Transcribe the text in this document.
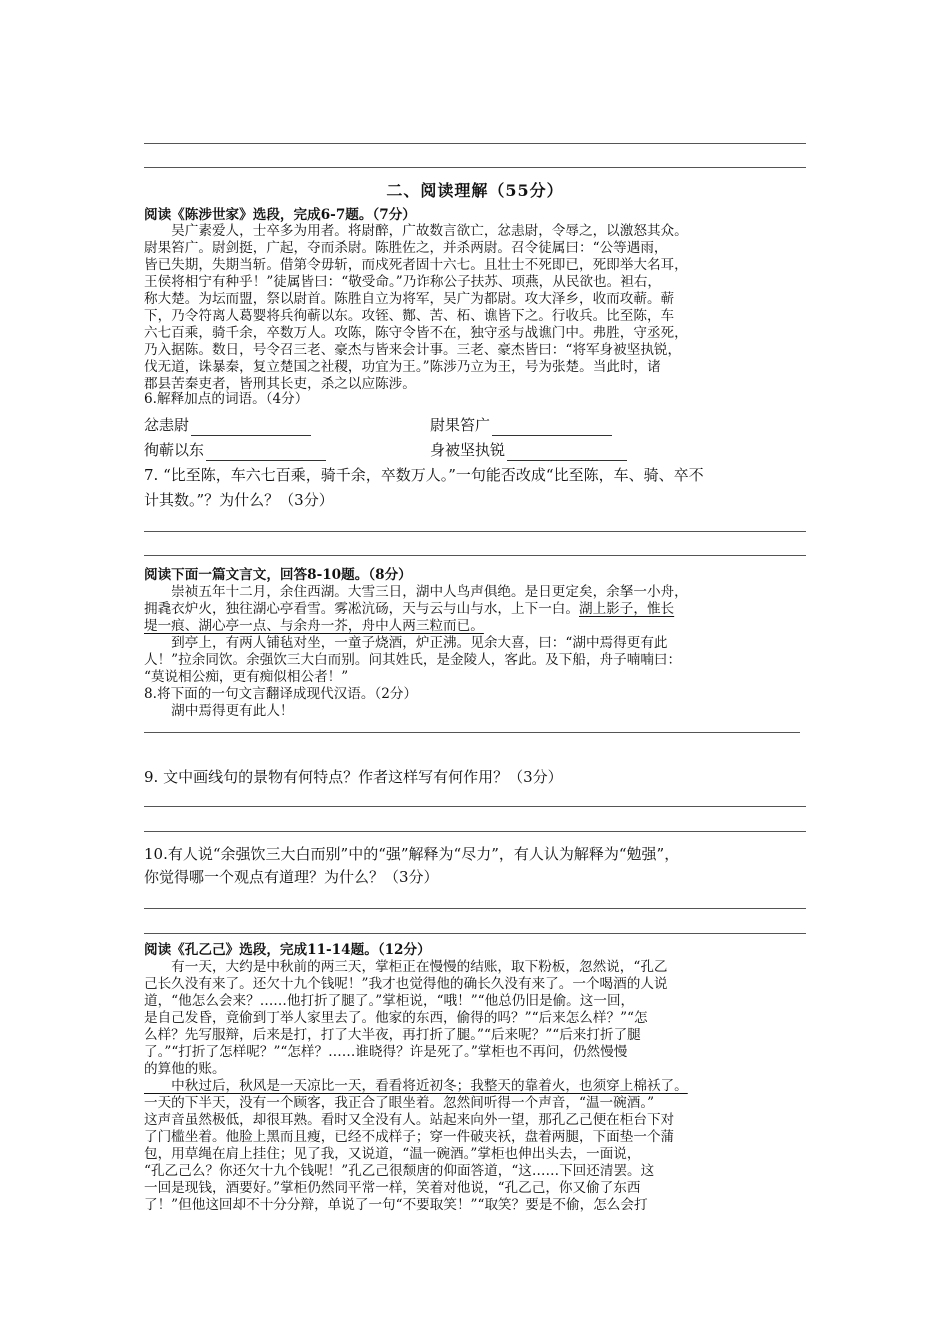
二、阅读理解（55分）
阅读《陈涉世家》选段，完成6-7题。（7分）
　　吴广素爱人，士卒多为用者。将尉醉，广故数言欲亡，忿恚尉，令辱之，以激怒其众。
尉果笞广。尉剑挺，广起，夺而杀尉。陈胜佐之，并杀两尉。召令徒属曰：“公等遇雨，
皆已失期，失期当斩。借第令毋斩，而戍死者固十六七。且壮士不死即已，死即举大名耳，
王侯将相宁有种乎！”徒属皆曰：“敬受命。”乃诈称公子扶苏、项燕，从民欲也。袒右，
称大楚。为坛而盟，祭以尉首。陈胜自立为将军，吴广为都尉。攻大泽乡，收而攻蕲。蕲
下，乃令符离人葛婴将兵徇蕲以东。攻铚、酂、苦、柘、谯皆下之。行收兵。比至陈，车
六七百乘，骑千余，卒数万人。攻陈，陈守令皆不在，独守丞与战谯门中。弗胜，守丞死，
乃入据陈。数日，号令召三老、豪杰与皆来会计事。三老、豪杰皆曰：“将军身被坚执锐，
伐无道，诛暴秦，复立楚国之社稷，功宜为王。”陈涉乃立为王，号为张楚。当此时，诸
郡县苦秦吏者，皆刑其长吏，杀之以应陈涉。
6.解释加点的词语。（4分）
忿恚尉	尉果笞广
徇蕲以东	身被坚执锐
7. “比至陈，车六七百乘，骑千余，卒数万人。”一句能否改成“比至陈，车、骑、卒不
计其数。”？为什么？（3分）
阅读下面一篇文言文，回答8-10题。（8分）
　　崇祯五年十二月，余住西湖。大雪三日，湖中人鸟声俱绝。是日更定矣，余拏一小舟，
拥毳衣炉火，独往湖心亭看雪。雾凇沆砀，天与云与山与水，上下一白。湖上影子，惟长
堤一痕、湖心亭一点、与余舟一芥，舟中人两三粒而已。
　　到亭上，有两人铺毡对坐，一童子烧酒，炉正沸。见余大喜，曰：“湖中焉得更有此
人！”拉余同饮。余强饮三大白而别。问其姓氏，是金陵人，客此。及下船，舟子喃喃曰：
“莫说相公痴，更有痴似相公者！”
8.将下面的一句文言翻译成现代汉语。（2分）
　　湖中焉得更有此人！
9. 文中画线句的景物有何特点？作者这样写有何作用？（3分）
10.有人说“余强饮三大白而别”中的“强”解释为“尽力”，有人认为解释为“勉强”，
你觉得哪一个观点有道理？为什么？（3分）
阅读《孔乙己》选段，完成11-14题。（12分）
　　有一天，大约是中秋前的两三天，掌柜正在慢慢的结账，取下粉板，忽然说，“孔乙
己长久没有来了。还欠十九个钱呢！”我才也觉得他的确长久没有来了。一个喝酒的人说
道，“他怎么会来？……他打折了腿了。”掌柜说，“哦！”“他总仍旧是偷。这一回，
是自己发昏，竟偷到丁举人家里去了。他家的东西，偷得的吗？”“后来怎么样？”“怎
么样？先写服辩，后来是打，打了大半夜，再打折了腿。”“后来呢？”“后来打折了腿
了。”“打折了怎样呢？”“怎样？……谁晓得？许是死了。”掌柜也不再问，仍然慢慢
的算他的账。
　　中秋过后，秋风是一天凉比一天，看看将近初冬；我整天的靠着火，也须穿上棉袄了。
一天的下半天，没有一个顾客，我正合了眼坐着。忽然间听得一个声音，“温一碗酒。”
这声音虽然极低，却很耳熟。看时又全没有人。站起来向外一望，那孔乙己便在柜台下对
了门槛坐着。他脸上黑而且瘦，已经不成样子；穿一件破夹袄，盘着两腿，下面垫一个蒲
包，用草绳在肩上挂住；见了我，又说道，“温一碗酒。”掌柜也伸出头去，一面说，
“孔乙己么？你还欠十九个钱呢！”孔乙己很颓唐的仰面答道，“这……下回还清罢。这
一回是现钱，酒要好。”掌柜仍然同平常一样，笑着对他说，“孔乙己，你又偷了东西
了！”但他这回却不十分分辩，单说了一句“不要取笑！”“取笑？要是不偷，怎么会打
